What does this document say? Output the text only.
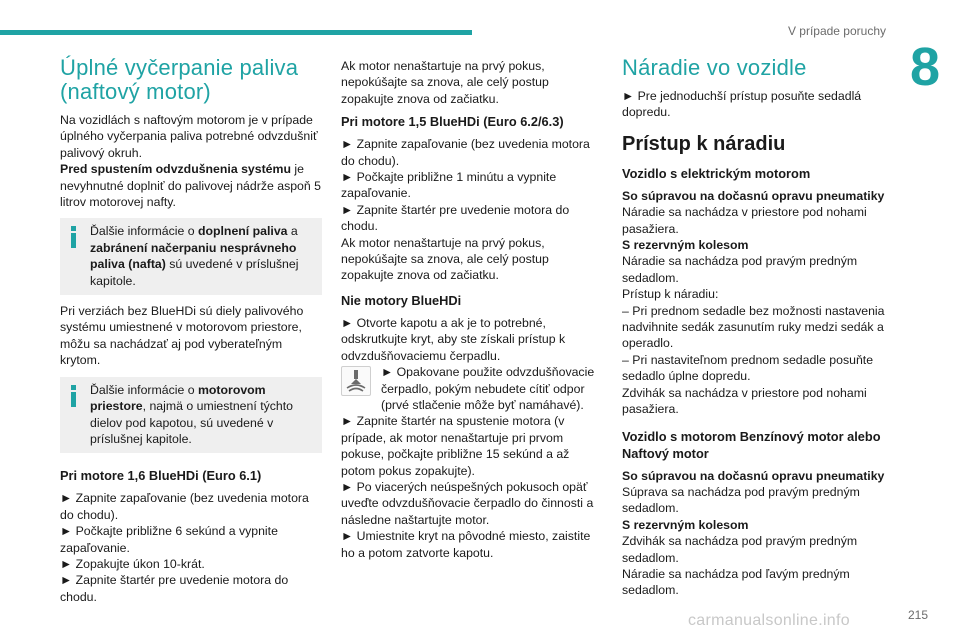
V prípade poruchy
8
Úplné vyčerpanie paliva (naftový motor)

Na vozidlách s naftovým motorom je v prípade úplného vyčerpania paliva potrebné odvzdušniť palivový okruh.

Pred spustením odvzdušnenia systému je nevyhnutné doplniť do palivovej nádrže aspoň 5 litrov motorovej nafty.

Ďalšie informácie o doplnení paliva a zabránení načerpaniu nesprávneho paliva (nafta) sú uvedené v príslušnej kapitole.

Pri verziách bez BlueHDi sú diely palivového systému umiestnené v motorovom priestore, môžu sa nachádzať aj pod vyberateľným krytom.

Ďalšie informácie o motorovom priestore, najmä o umiestnení týchto dielov pod kapotou, sú uvedené v príslušnej kapitole.

Pri motore 1,6 BlueHDi (Euro 6.1)

► Zapnite zapaľovanie (bez uvedenia motora do chodu).

► Počkajte približne 6 sekúnd a vypnite zapaľovanie.

► Zopakujte úkon 10-krát.

► Zapnite štartér pre uvedenie motora do chodu.

Ak motor nenaštartuje na prvý pokus, nepokúšajte sa znova, ale celý postup zopakujte znova od začiatku.

Pri motore 1,5 BlueHDi (Euro 6.2/6.3)

► Zapnite zapaľovanie (bez uvedenia motora do chodu).

► Počkajte približne 1 minútu a vypnite zapaľovanie.

► Zapnite štartér pre uvedenie motora do chodu.

Ak motor nenaštartuje na prvý pokus, nepokúšajte sa znova, ale celý postup zopakujte znova od začiatku.

Nie motory BlueHDi

► Otvorte kapotu a ak je to potrebné, odskrutkujte kryt, aby ste získali prístup k odvzdušňovaciemu čerpadlu.

► Opakovane použite odvzdušňovacie čerpadlo, pokým nebudete cítiť odpor (prvé stlačenie môže byť namáhavé).

► Zapnite štartér na spustenie motora (v prípade, ak motor nenaštartuje pri prvom pokuse, počkajte približne 15 sekúnd a až potom pokus zopakujte).

► Po viacerých neúspešných pokusoch opäť uveďte odvzdušňovacie čerpadlo do činnosti a následne naštartujte motor.

► Umiestnite kryt na pôvodné miesto, zaistite ho a potom zatvorte kapotu.

Náradie vo vozidle

► Pre jednoduchší prístup posuňte sedadlá dopredu.

Prístup k náradiu
Vozidlo s elektrickým motorom

So súpravou na dočasnú opravu pneumatiky

Náradie sa nachádza v priestore pod nohami pasažiera.

S rezervným kolesom

Náradie sa nachádza pod pravým predným sedadlom.

Prístup k náradiu:

– Pri prednom sedadle bez možnosti nastavenia nadvihnite sedák zasunutím ruky medzi sedák a operadlo.

– Pri nastaviteľnom prednom sedadle posuňte sedadlo úplne dopredu.

Zdvihák sa nachádza v priestore pod nohami pasažiera.

Vozidlo s motorom Benzínový motor alebo Naftový motor

So súpravou na dočasnú opravu pneumatiky

Súprava sa nachádza pod pravým predným sedadlom.

S rezervným kolesom

Zdvihák sa nachádza pod pravým predným sedadlom.

Náradie sa nachádza pod ľavým predným sedadlom.

carmanualsonline.info	215
